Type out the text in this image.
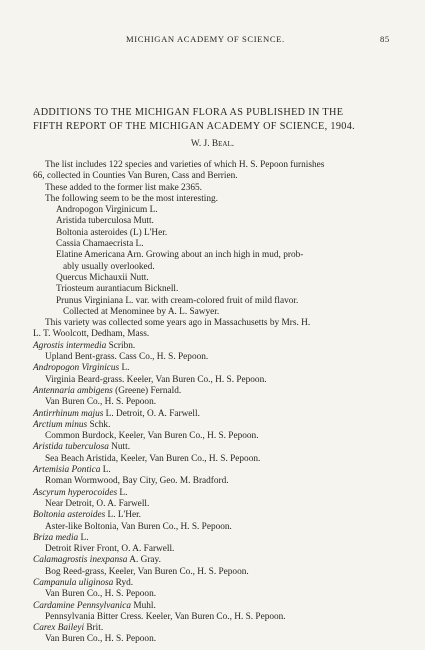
MICHIGAN ACADEMY OF SCIENCE.	85
ADDITIONS TO THE MICHIGAN FLORA AS PUBLISHED IN THE
FIFTH REPORT OF THE MICHIGAN ACADEMY OF SCIENCE, 1904.
W. J. Beal.
The list includes 122 species and varieties of which H. S. Pepoon furnishes
66, collected in Counties Van Buren, Cass and Berrien.
These added to the former list make 2365.
The following seem to be the most interesting.
Andropogon Virginicum L.
Aristida tuberculosa Mutt.
Boltonia asteroides (L) L'Her.
Cassia Chamaecrista L.
Elatine Americana Arn. Growing about an inch high in mud, prob-
ably usually overlooked.
Quercus Michauxii Nutt.
Triosteum aurantiacum Bicknell.
Prunus Virginiana L. var. with cream-colored fruit of mild flavor.
Collected at Menominee by A. L. Sawyer.
This variety was collected some years ago in Massachusetts by Mrs. H.
L. T. Woolcott, Dedham, Mass.
Agrostis intermedia Scribn.
Upland Bent-grass. Cass Co., H. S. Pepoon.
Andropogon Virginicus L.
Virginia Beard-grass. Keeler, Van Buren Co., H. S. Pepoon.
Antennaria ambigens (Greene) Fernald.
Van Buren Co., H. S. Pepoon.
Antirrhinum majus L. Detroit, O. A. Farwell.
Arctium minus Schk.
Common Burdock, Keeler, Van Buren Co., H. S. Pepoon.
Aristida tuberculosa Nutt.
Sea Beach Aristida, Keeler, Van Buren Co., H. S. Pepoon.
Artemisia Pontica L.
Roman Wormwood, Bay City, Geo. M. Bradford.
Ascyrum hyperocoides L.
Near Detroit, O. A. Farwell.
Boltonia asteroides L. L'Her.
Aster-like Boltonia, Van Buren Co., H. S. Pepoon.
Briza media L.
Detroit River Front, O. A. Farwell.
Calamagrostis inexpansa A. Gray.
Bog Reed-grass, Keeler, Van Buren Co., H. S. Pepoon.
Campanula uliginosa Ryd.
Van Buren Co., H. S. Pepoon.
Cardamine Pennsylvanica Muhl.
Pennsylvania Bitter Cress. Keeler, Van Buren Co., H. S. Pepoon.
Carex Baileyi Brit.
Van Buren Co., H. S. Pepoon.
